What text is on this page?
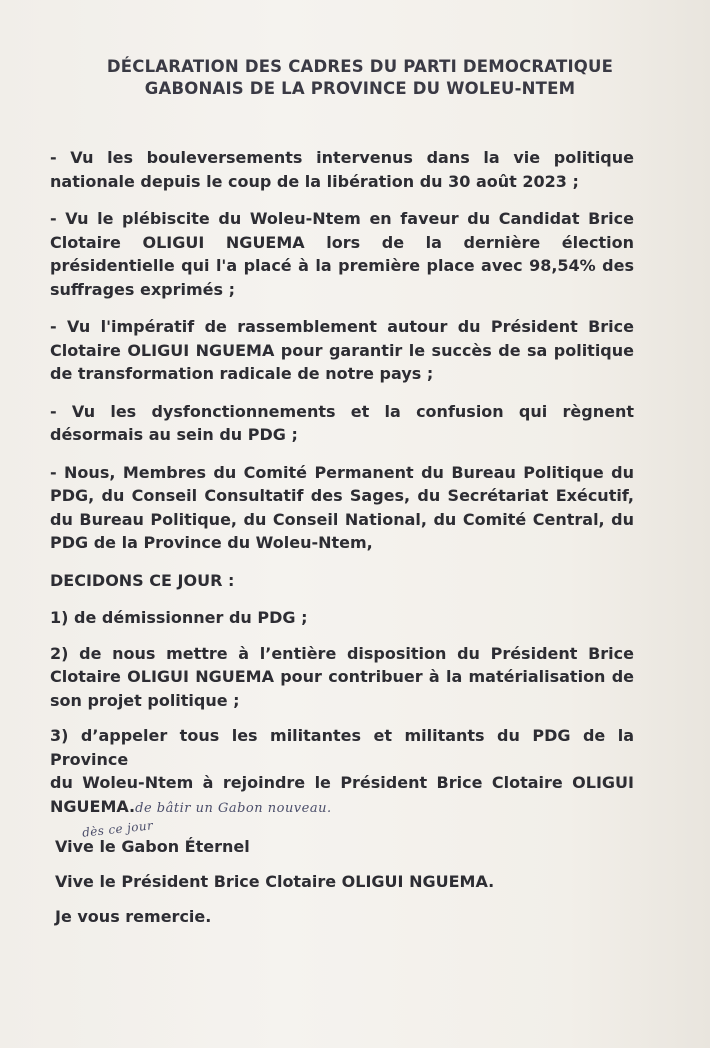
DÉCLARATION DES CADRES DU PARTI DEMOCRATIQUE
GABONAIS DE LA PROVINCE DU WOLEU-NTEM
- Vu les bouleversements intervenus dans la vie politique
nationale depuis le coup de la libération du 30 août 2023 ;
- Vu le plébiscite du Woleu-Ntem en faveur du Candidat Brice
Clotaire OLIGUI NGUEMA lors de la dernière élection
présidentielle qui l'a placé à la première place avec 98,54% des
suffrages exprimés ;
- Vu l'impératif de rassemblement autour du Président Brice
Clotaire OLIGUI NGUEMA pour garantir le succès de sa politique
de transformation radicale de notre pays ;
- Vu les dysfonctionnements et la confusion qui règnent
désormais au sein du PDG ;
- Nous, Membres du Comité Permanent du Bureau Politique du
PDG, du Conseil Consultatif des Sages, du Secrétariat Exécutif,
du Bureau Politique, du Conseil National, du Comité Central, du
PDG de la Province du Woleu-Ntem,
DECIDONS CE JOUR :
1) de démissionner du PDG ;
2) de nous mettre à l’entière disposition du Président Brice
Clotaire OLIGUI NGUEMA pour contribuer à la matérialisation de
son projet politique ;
3) d’appeler tous les militantes et militants du PDG de la Province
du Woleu-Ntem à rejoindre le Président Brice Clotaire OLIGUI
NGUEMA.de bâtir un Gabon nouveau.
dès ce jour
Vive le Gabon Éternel
Vive le Président Brice Clotaire OLIGUI NGUEMA.
Je vous remercie.
